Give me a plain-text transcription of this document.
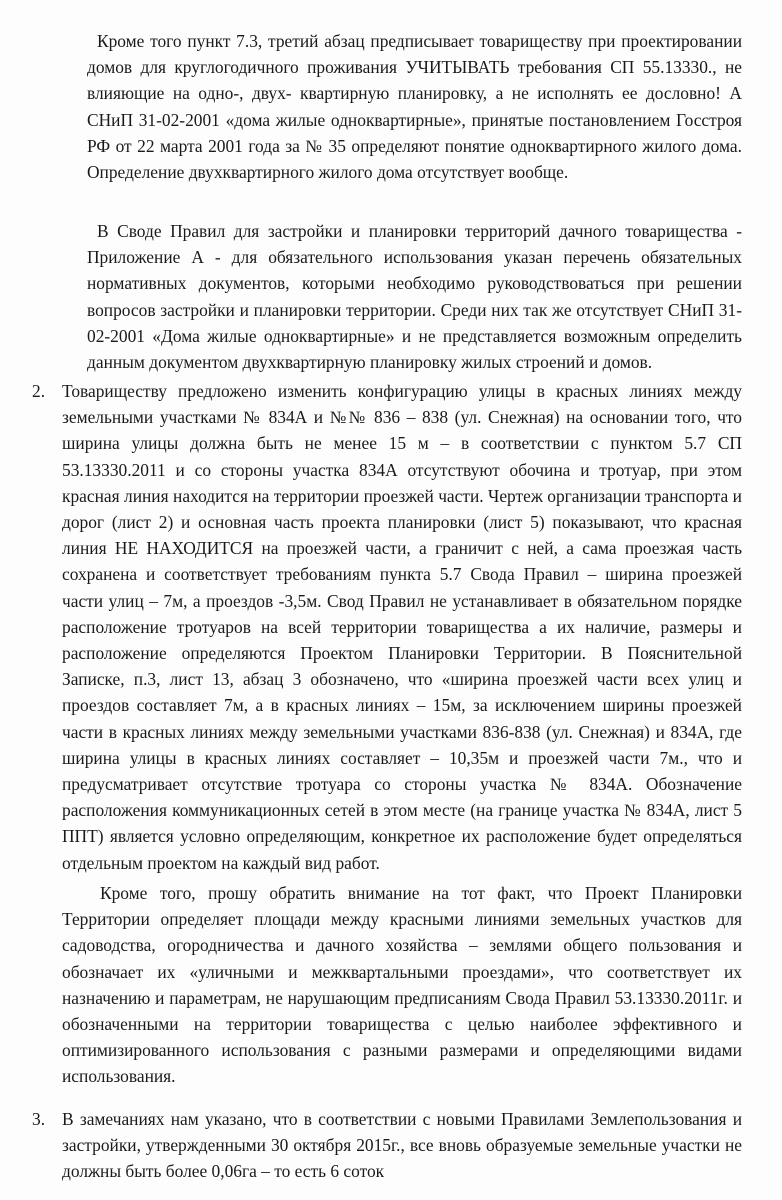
Кроме того пункт 7.3, третий абзац предписывает товариществу при проектировании домов для круглогодичного проживания УЧИТЫВАТЬ требования СП 55.13330., не влияющие на одно-, двух- квартирную планировку, а не исполнять ее дословно! А СНиП 31-02-2001 «дома жилые одноквартирные», принятые постановлением Госстроя РФ от 22 марта 2001 года за № 35 определяют понятие одноквартирного жилого дома. Определение двухквартирного жилого дома отсутствует вообще.

В Своде Правил для застройки и планировки территорий дачного товарищества - Приложение А - для обязательного использования указан перечень обязательных нормативных документов, которыми необходимо руководствоваться при решении вопросов застройки и планировки территории. Среди них так же отсутствует СНиП 31-02-2001 «Дома жилые одноквартирные» и не представляется возможным определить данным документом двухквартирную планировку жилых строений и домов.

2. Товариществу предложено изменить конфигурацию улицы в красных линиях между земельными участками № 834А и №№ 836 – 838 (ул. Снежная) на основании того, что ширина улицы должна быть не менее 15 м – в соответствии с пунктом 5.7 СП 53.13330.2011 и со стороны участка 834А отсутствуют обочина и тротуар, при этом красная линия находится на территории проезжей части. Чертеж организации транспорта и дорог (лист 2) и основная часть проекта планировки (лист 5) показывают, что красная линия НЕ НАХОДИТСЯ на проезжей части, а граничит с ней, а сама проезжая часть сохранена и соответствует требованиям пункта 5.7 Свода Правил – ширина проезжей части улиц – 7м, а проездов -3,5м. Свод Правил не устанавливает в обязательном порядке расположение тротуаров на всей территории товарищества а их наличие, размеры и расположение определяются Проектом Планировки Территории. В Пояснительной Записке, п.3, лист 13, абзац 3 обозначено, что «ширина проезжей части всех улиц и проездов составляет 7м, а в красных линиях – 15м, за исключением ширины проезжей части в красных линиях между земельными участками 836-838 (ул. Снежная) и 834А, где ширина улицы в красных линиях составляет – 10,35м и проезжей части 7м., что и предусматривает отсутствие тротуара со стороны участка № 834А. Обозначение расположения коммуникационных сетей в этом месте (на границе участка № 834А, лист 5 ППТ) является условно определяющим, конкретное их расположение будет определяться отдельным проектом на каждый вид работ.

Кроме того, прошу обратить внимание на тот факт, что Проект Планировки Территории определяет площади между красными линиями земельных участков для садоводства, огородничества и дачного хозяйства – землями общего пользования и обозначает их «уличными и межквартальными проездами», что соответствует их назначению и параметрам, не нарушающим предписаниям Свода Правил 53.13330.2011г. и обозначенными на территории товарищества с целью наиболее эффективного и оптимизированного использования с разными размерами и определяющими видами использования.

3. В замечаниях нам указано, что в соответствии с новыми Правилами Землепользования и застройки, утвержденными 30 октября 2015г., все вновь образуемые земельные участки не должны быть более 0,06га – то есть 6 соток
